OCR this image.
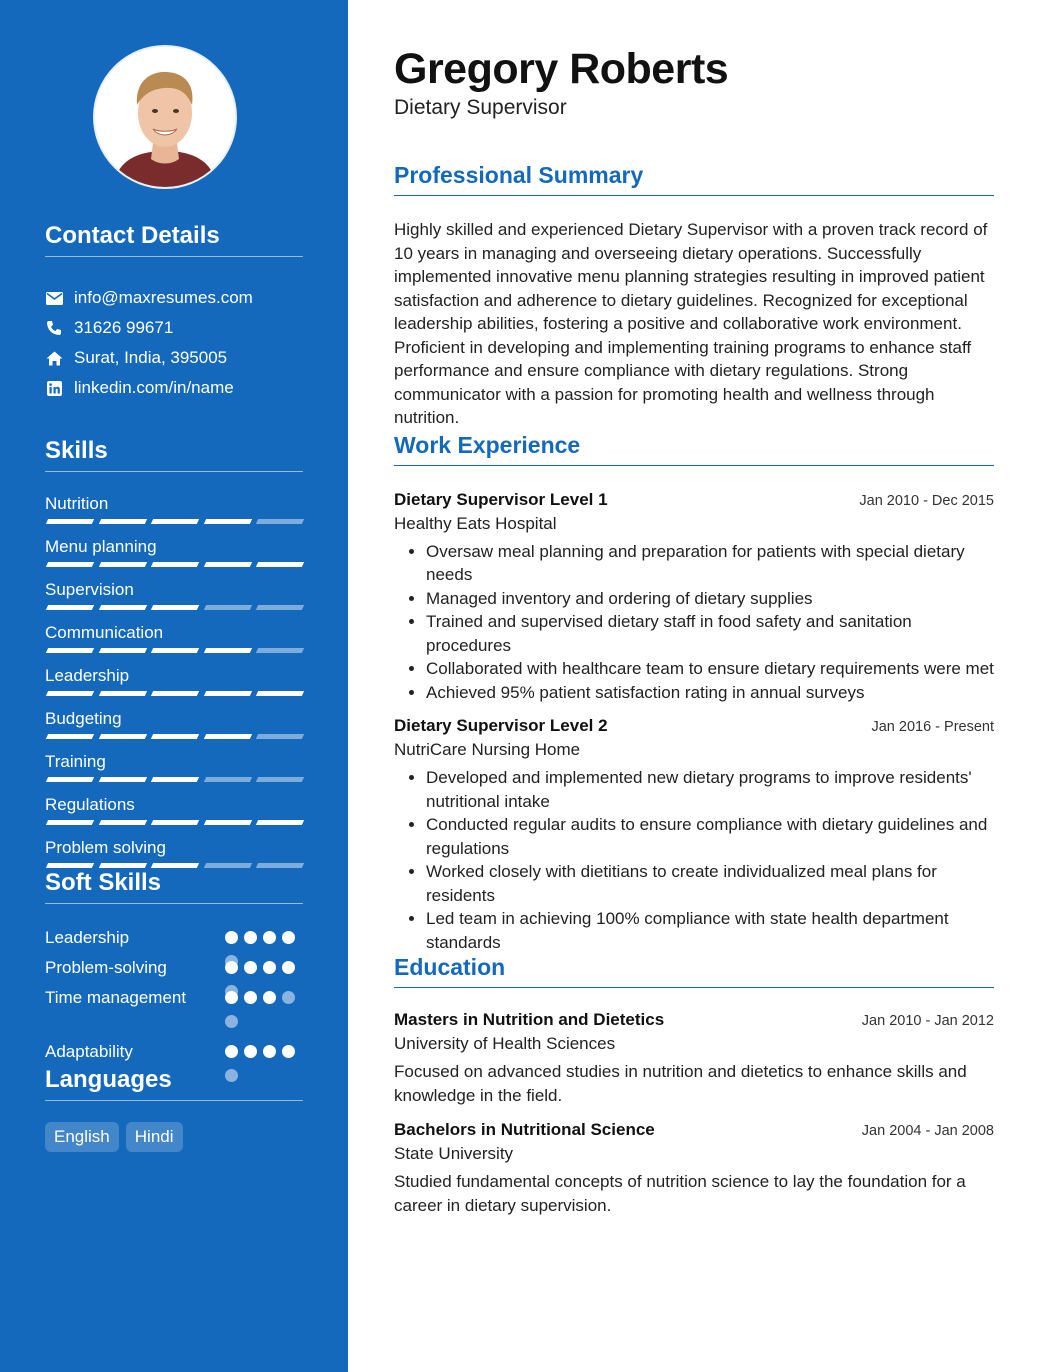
Contact Details
info@maxresumes.com
31626 99671
Surat, India, 395005
linkedin.com/in/name
Skills
Nutrition
Menu planning
Supervision
Communication
Leadership
Budgeting
Training
Regulations
Problem solving
Soft Skills
Leadership
Problem-solving
Time management
Adaptability
Languages
English	Hindi
Gregory Roberts
Dietary Supervisor
Professional Summary
Highly skilled and experienced Dietary Supervisor with a proven track record of 10 years in managing and overseeing dietary operations. Successfully implemented innovative menu planning strategies resulting in improved patient satisfaction and adherence to dietary guidelines. Recognized for exceptional leadership abilities, fostering a positive and collaborative work environment. Proficient in developing and implementing training programs to enhance staff performance and ensure compliance with dietary regulations. Strong communicator with a passion for promoting health and wellness through nutrition.
Work Experience
Dietary Supervisor Level 1	Jan 2010 - Dec 2015
Healthy Eats Hospital
• Oversaw meal planning and preparation for patients with special dietary needs
• Managed inventory and ordering of dietary supplies
• Trained and supervised dietary staff in food safety and sanitation procedures
• Collaborated with healthcare team to ensure dietary requirements were met
• Achieved 95% patient satisfaction rating in annual surveys
Dietary Supervisor Level 2	Jan 2016 - Present
NutriCare Nursing Home
• Developed and implemented new dietary programs to improve residents' nutritional intake
• Conducted regular audits to ensure compliance with dietary guidelines and regulations
• Worked closely with dietitians to create individualized meal plans for residents
• Led team in achieving 100% compliance with state health department standards
Education
Masters in Nutrition and Dietetics	Jan 2010 - Jan 2012
University of Health Sciences
Focused on advanced studies in nutrition and dietetics to enhance skills and knowledge in the field.
Bachelors in Nutritional Science	Jan 2004 - Jan 2008
State University
Studied fundamental concepts of nutrition science to lay the foundation for a career in dietary supervision.
